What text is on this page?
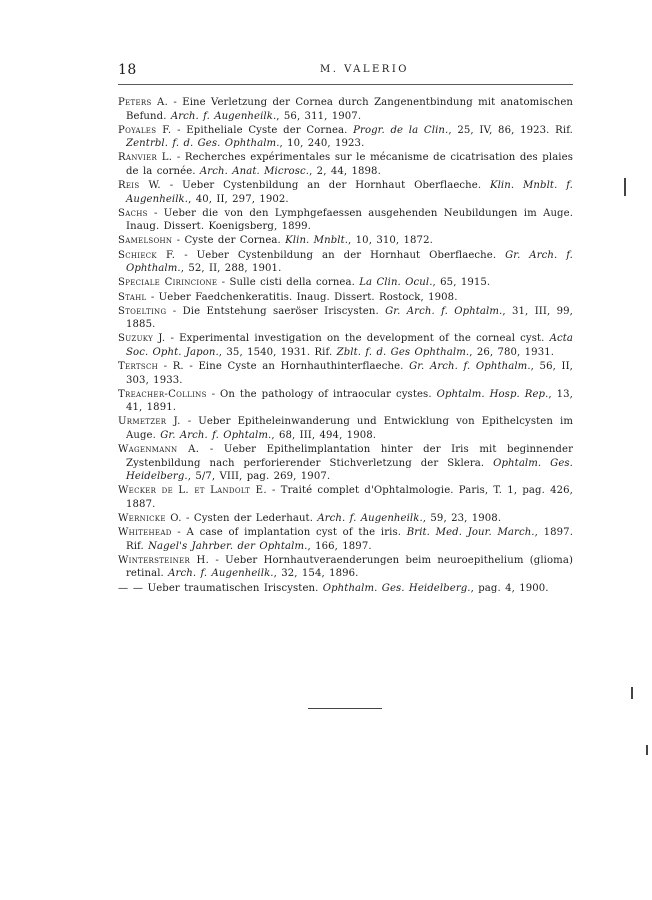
18	M. VALERIO

Peters A. - Eine Verletzung der Cornea durch Zangenentbindung mit anatomischen Befund. Arch. f. Augenheilk., 56, 311, 1907.

Poyales F. - Epitheliale Cyste der Cornea. Progr. de la Clin., 25, IV, 86, 1923. Rif. Zentrbl. f. d. Ges. Ophthalm., 10, 240, 1923.

Ranvier L. - Recherches expérimentales sur le mécanisme de cicatrisation des plaies de la cornée. Arch. Anat. Microsc., 2, 44, 1898.

Reis W. - Ueber Cystenbildung an der Hornhaut Oberflaeche. Klin. Mnblt. f. Augenheilk., 40, II, 297, 1902.

Sachs - Ueber die von den Lymphgefaessen ausgehenden Neubildungen im Auge. Inaug. Dissert. Koenigsberg, 1899.

Samelsohn - Cyste der Cornea. Klin. Mnblt., 10, 310, 1872.

Schieck F. - Ueber Cystenbildung an der Hornhaut Oberflaeche. Gr. Arch. f. Ophthalm., 52, II, 288, 1901.

Speciale Cirincione - Sulle cisti della cornea. La Clin. Ocul., 65, 1915.

Stahl - Ueber Faedchenkeratitis. Inaug. Dissert. Rostock, 1908.

Stoelting - Die Entstehung saeröser Iriscysten. Gr. Arch. f. Ophtalm., 31, III, 99, 1885.

Suzuky J. - Experimental investigation on the development of the corneal cyst. Acta Soc. Opht. Japon., 35, 1540, 1931. Rif. Zblt. f. d. Ges Ophthalm., 26, 780, 1931.

Tertsch - R. - Eine Cyste an Hornhauthinterflaeche. Gr. Arch. f. Ophthalm., 56, II, 303, 1933.

Treacher-Collins - On the pathology of intraocular cystes. Ophtalm. Hosp. Rep., 13, 41, 1891.

Urmetzer J. - Ueber Epitheleinwanderung und Entwicklung von Epithelcysten im Auge. Gr. Arch. f. Ophtalm., 68, III, 494, 1908.

Wagenmann A. - Ueber Epithelimplantation hinter der Iris mit beginnender Zystenbildung nach perforierender Stichverletzung der Sklera. Ophtalm. Ges. Heidelberg., 5/7, VIII, pag. 269, 1907.

Wecker de L. et Landolt E. - Traité complet d'Ophtalmologie. Paris, T. 1, pag. 426, 1887.

Wernicke O. - Cysten der Lederhaut. Arch. f. Augenheilk., 59, 23, 1908.

Whitehead - A case of implantation cyst of the iris. Brit. Med. Jour. March., 1897. Rif. Nagel's Jahrber. der Ophtalm., 166, 1897.

Wintersteiner H. - Ueber Hornhautveraenderungen beim neuroepithelium (glioma) retinal. Arch. f. Augenheilk., 32, 154, 1896.

— — Ueber traumatischen Iriscysten. Ophthalm. Ges. Heidelberg., pag. 4, 1900.
